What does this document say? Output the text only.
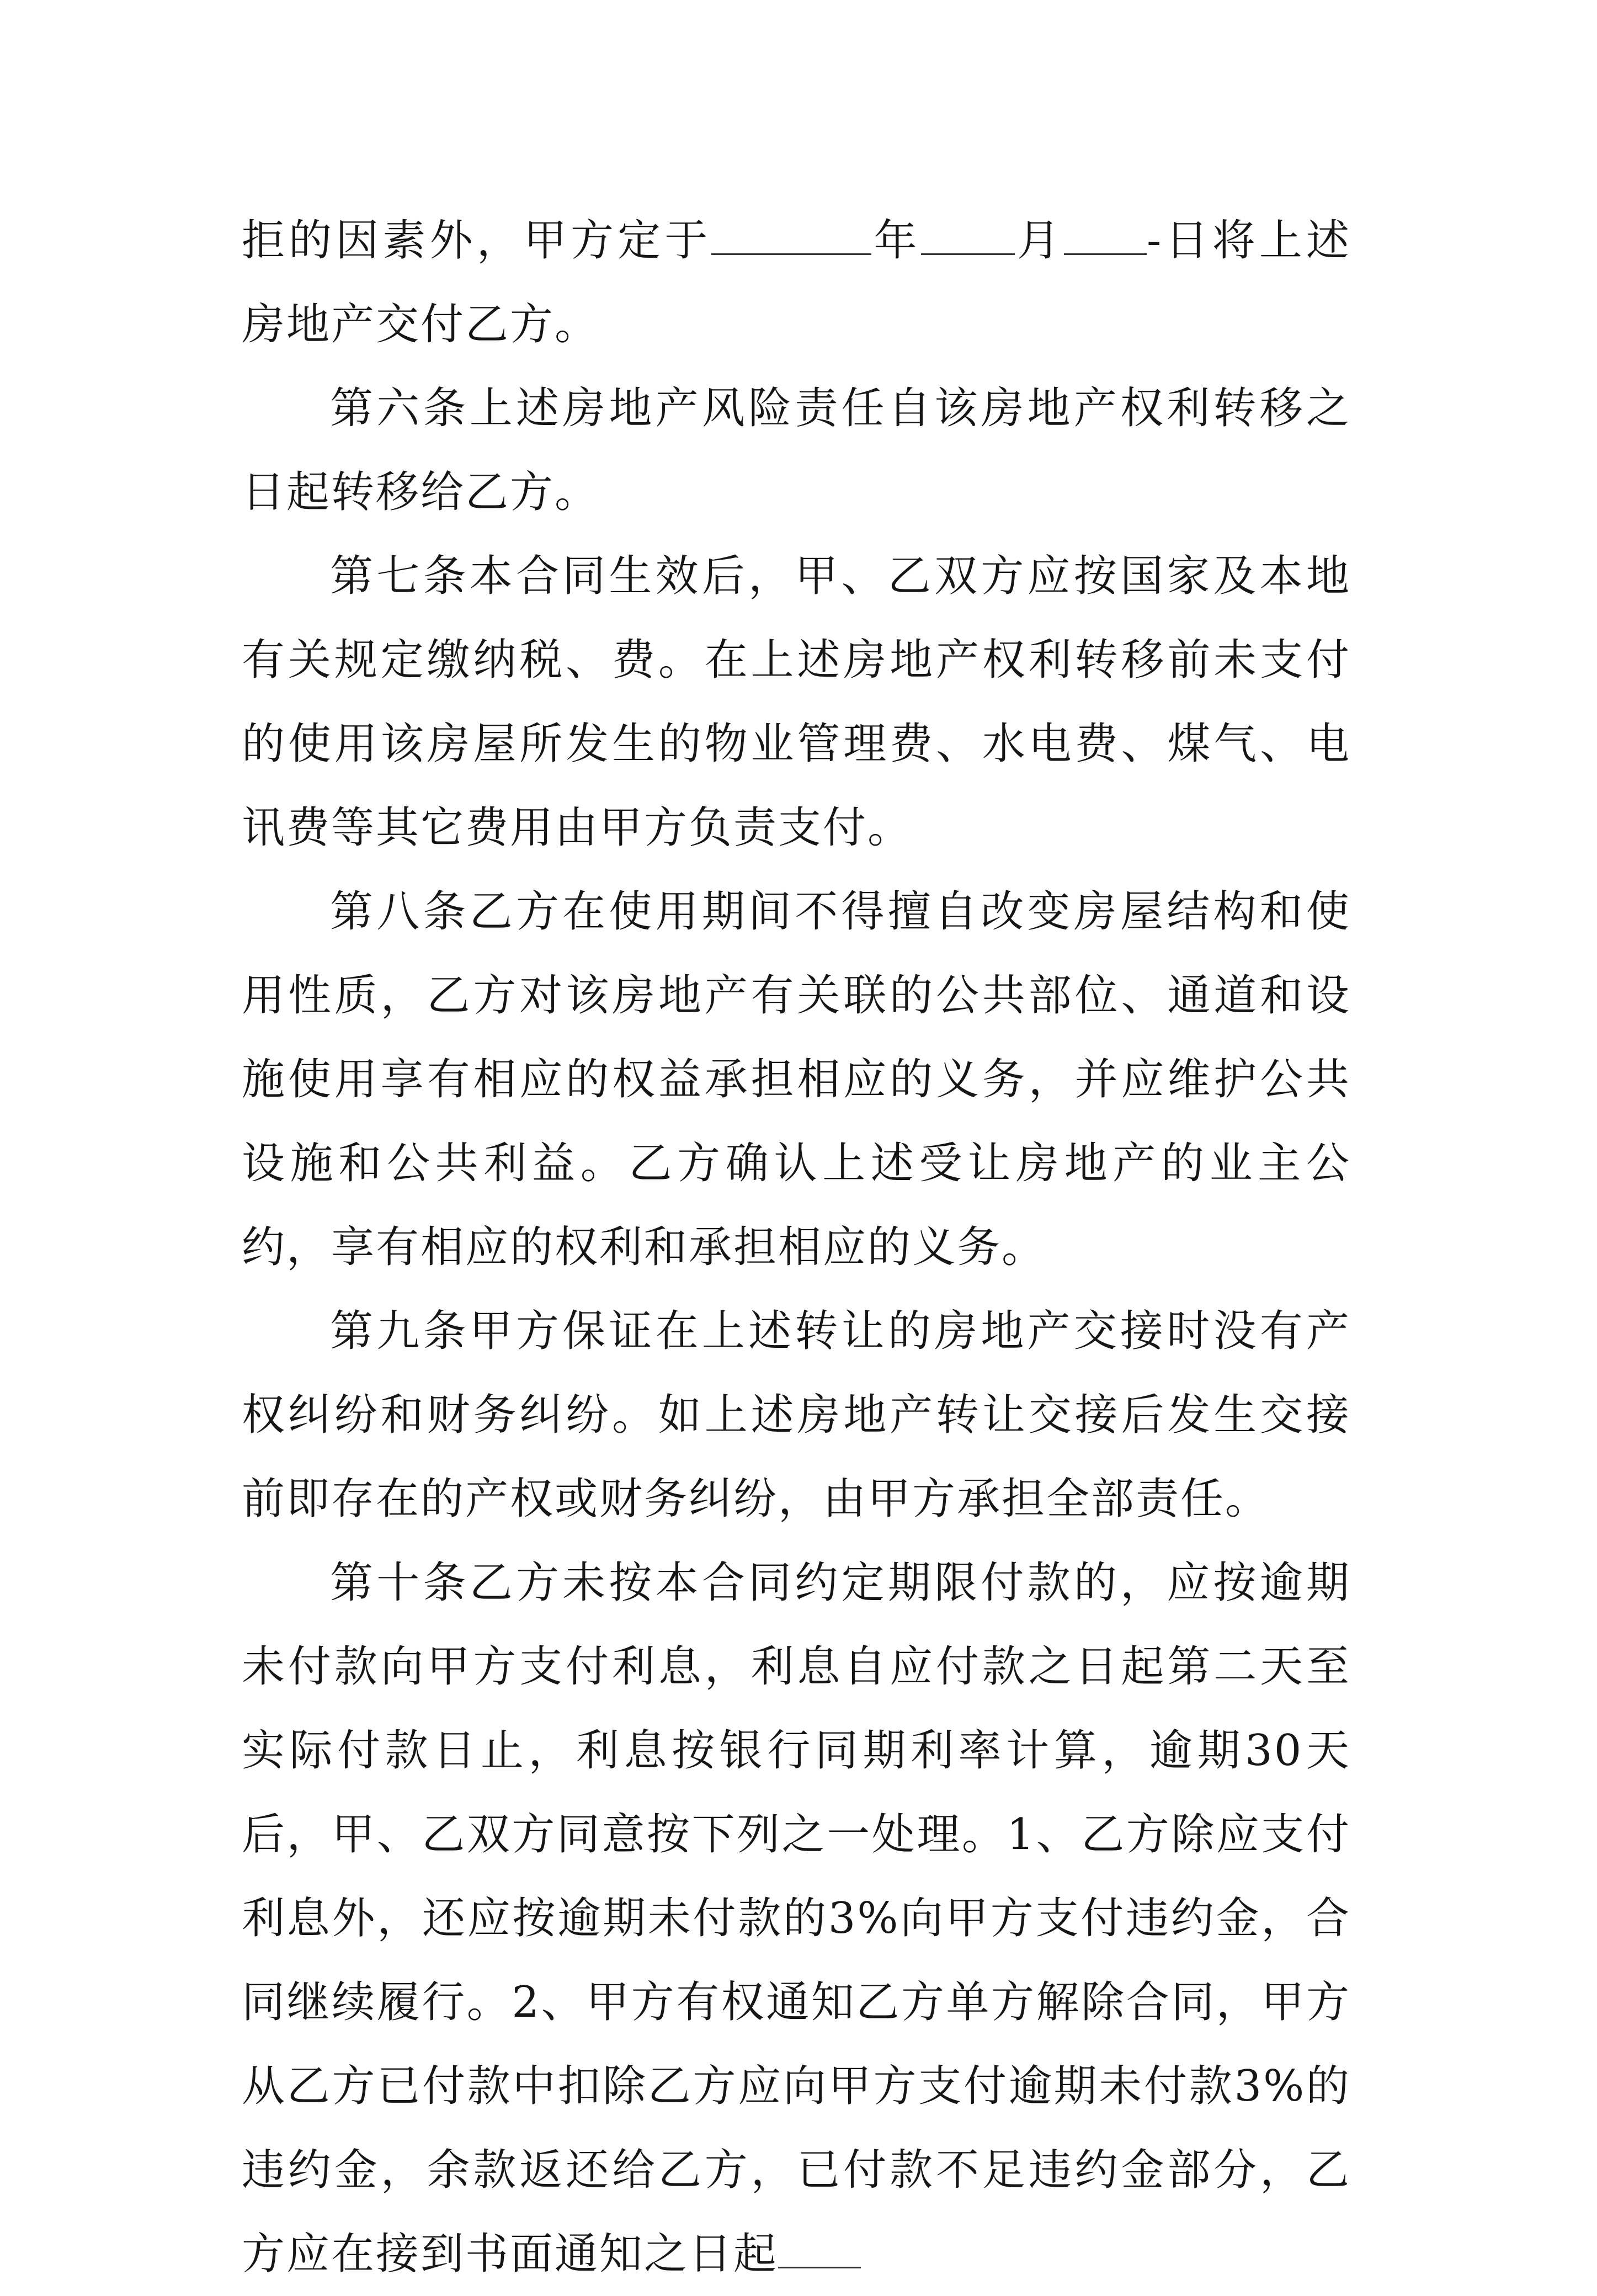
拒的因素外，甲方定于	年 月 -日将上述房地产交付乙方。

第六条上述房地产风险责任自该房地产权利转移之日起转移给乙方。

第七条本合同生效后，甲、乙双方应按国家及本地有关规定缴纳税、费。在上述房地产权利转移前未支付的使用该房屋所发生的物业管理费、水电费、煤气、电讯费等其它费用由甲方负责支付。

第八条乙方在使用期间不得擅自改变房屋结构和使用性质，乙方对该房地产有关联的公共部位、通道和设施使用享有相应的权益承担相应的义务，并应维护公共设施和公共利益。乙方确认上述受让房地产的业主公约，享有相应的权利和承担相应的义务。

第九条甲方保证在上述转让的房地产交接时没有产权纠纷和财务纠纷。如上述房地产转让交接后发生交接前即存在的产权或财务纠纷，由甲方承担全部责任。

第十条乙方未按本合同约定期限付款的，应按逾期未付款向甲方支付利息，利息自应付款之日起第二天至实际付款日止，利息按银行同期利率计算，逾期30天后，甲、乙双方同意按下列之一处理。1、乙方除应支付利息外，还应按逾期未付款的3%向甲方支付违约金，合同继续履行。2、甲方有权通知乙方单方解除合同，甲方从乙方已付款中扣除乙方应向甲方支付逾期未付款3%的违约金，余款返还给乙方，已付款不足违约金部分，乙方应在接到书面通知之日起
